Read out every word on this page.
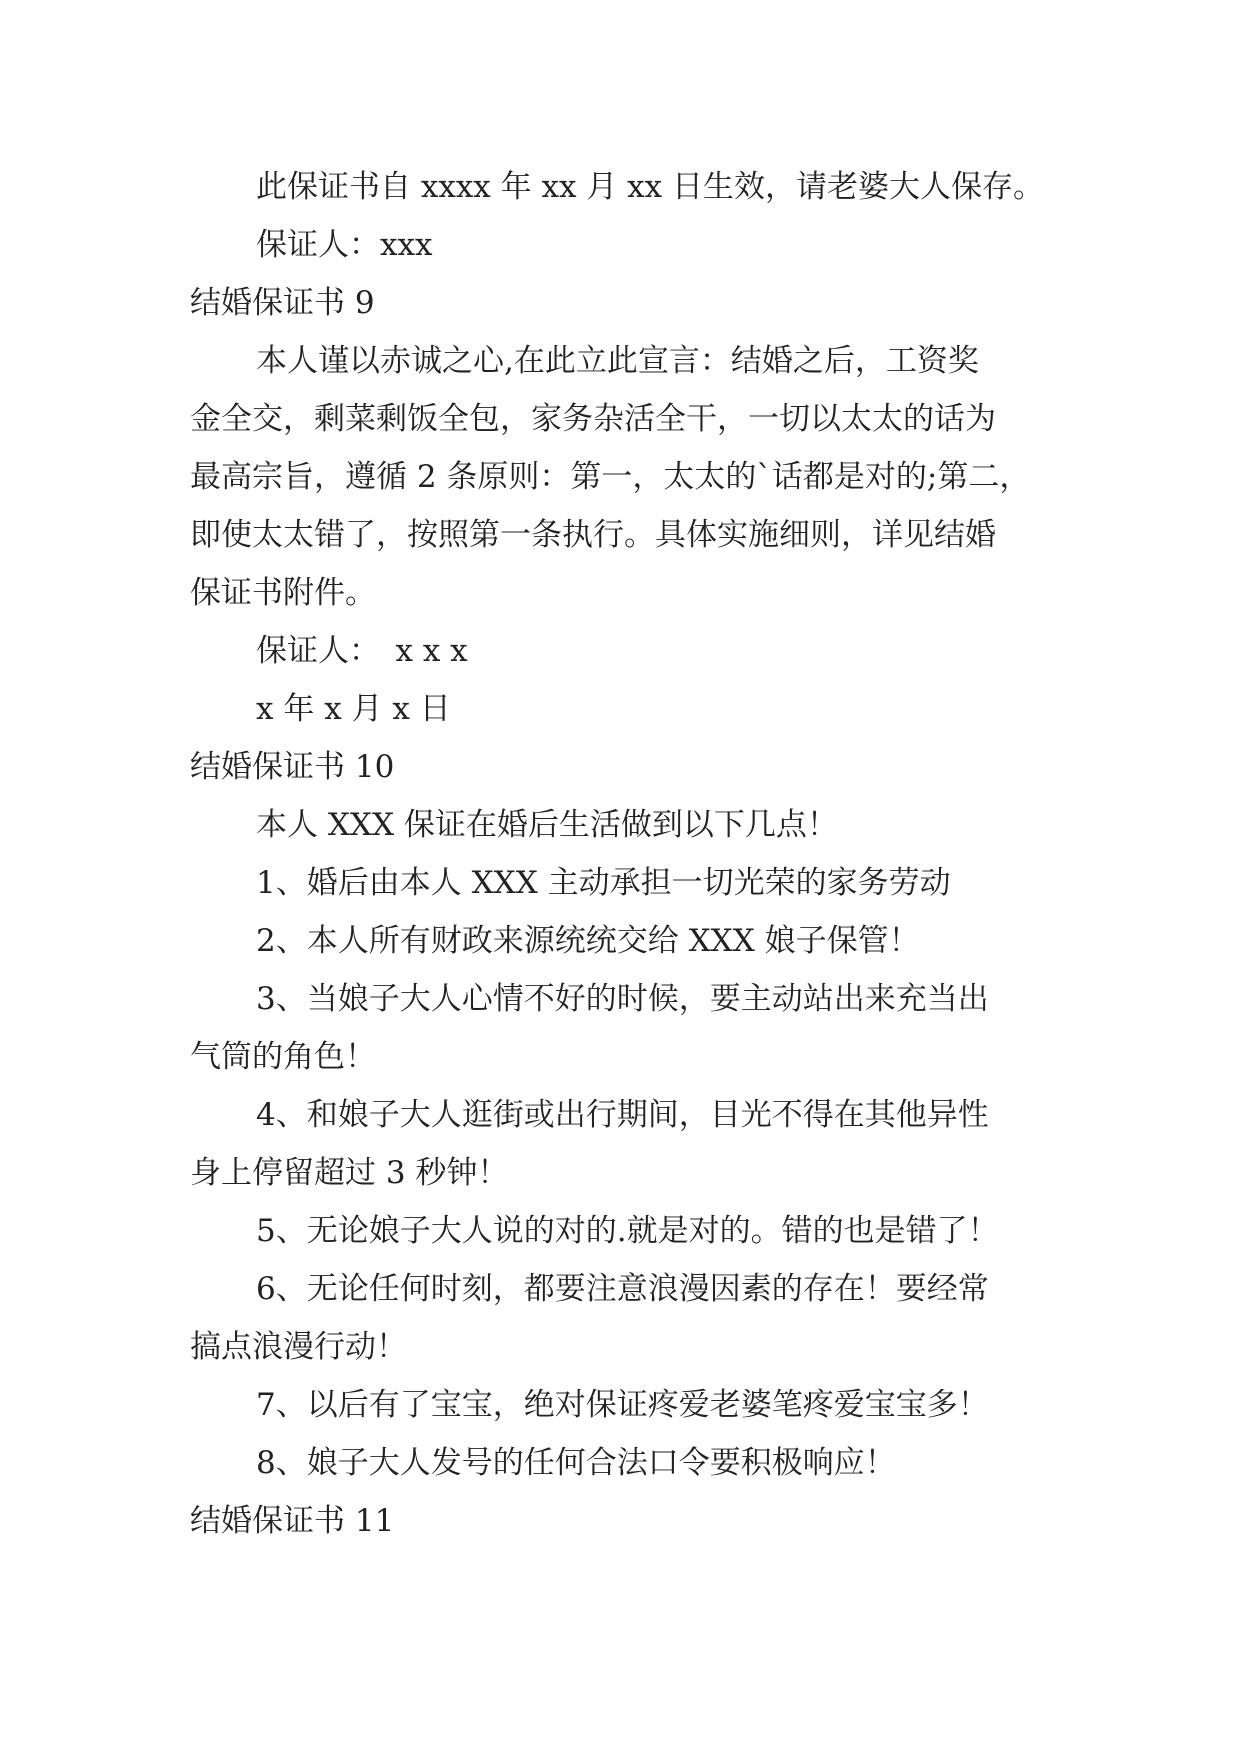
此保证书自 xxxx 年 xx 月 xx 日生效，请老婆大人保存。
保证人：xxx
结婚保证书 9
本人谨以赤诚之心,在此立此宣言：结婚之后，工资奖
金全交，剩菜剩饭全包，家务杂活全干，一切以太太的话为
最高宗旨，遵循 2 条原则：第一，太太的`话都是对的;第二，
即使太太错了，按照第一条执行。具体实施细则，详见结婚
保证书附件。
保证人：　x x x
x 年 x 月 x 日
结婚保证书 10
本人 XXX 保证在婚后生活做到以下几点！
1、婚后由本人 XXX 主动承担一切光荣的家务劳动
2、本人所有财政来源统统交给 XXX 娘子保管！
3、当娘子大人心情不好的时候，要主动站出来充当出
气筒的角色！
4、和娘子大人逛街或出行期间，目光不得在其他异性
身上停留超过 3 秒钟！
5、无论娘子大人说的对的.就是对的。错的也是错了！
6、无论任何时刻，都要注意浪漫因素的存在！要经常
搞点浪漫行动！
7、以后有了宝宝，绝对保证疼爱老婆笔疼爱宝宝多！
8、娘子大人发号的任何合法口令要积极响应！
结婚保证书 11
